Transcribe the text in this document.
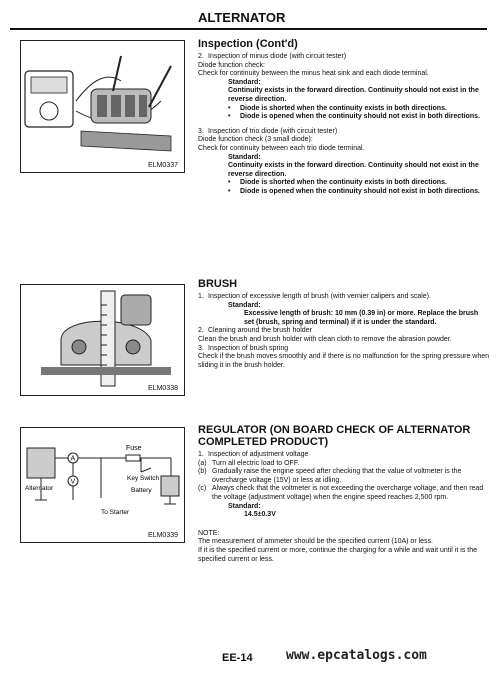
ALTERNATOR
ELM0337
ELM0338
A
Fuse
V	Key Switch
Battery
Alternator
To Starter
ELM0339
Inspection (Cont'd)
2. Inspection of minus diode (with circuit tester)
Diode function check:
Check for continuity between the minus heat sink and each diode terminal.
Standard:
Continuity exists in the forward direction. Continuity should not exist in the reverse direction.
• Diode is shorted when the continuity exists in both directions.
• Diode is opened when the continuity should not exist in both directions.
3. Inspection of trio diode (with circuit tester)
Diode function check (3 small diode):
Check for continuity between each trio diode terminal.
Standard:
Continuity exists in the forward direction. Continuity should not exist in the reverse direction.
• Diode is shorted when the continuity exists in both directions.
• Diode is opened when the continuity should not exist in both directions.
BRUSH
1. Inspection of excessive length of brush (with vernier calipers and scale).
Standard:
Excessive length of brush: 10 mm (0.39 in) or more. Replace the brush set (brush, spring and terminal) if it is under the standard.
2. Cleaning around the brush holder
Clean the brush and brush holder with clean cloth to remove the abrasion powder.
3. Inspection of brush spring
Check if the brush moves smoothly and if there is no malfunction for the spring pressure when sliding it in the brush holder.
REGULATOR (ON BOARD CHECK OF ALTERNATOR COMPLETED PRODUCT)
1. Inspection of adjustment voltage
(a) Turn all electric load to OFF.
(b) Gradually raise the engine speed after checking that the value of voltmeter is the overcharge voltage (15V) or less at idling.
(c) Always check that the voltmeter is not exceeding the overcharge voltage, and then read the voltage (adjustment voltage) when the engine speed reaches 2,500 rpm.
Standard:
14.5±0.3V
NOTE:
The measurement of ammeter should be the specified current (10A) or less.
If it is the specified current or more, continue the charging for a while and wait until it is the specified current or less.
EE-14	www.epcatalogs.com
